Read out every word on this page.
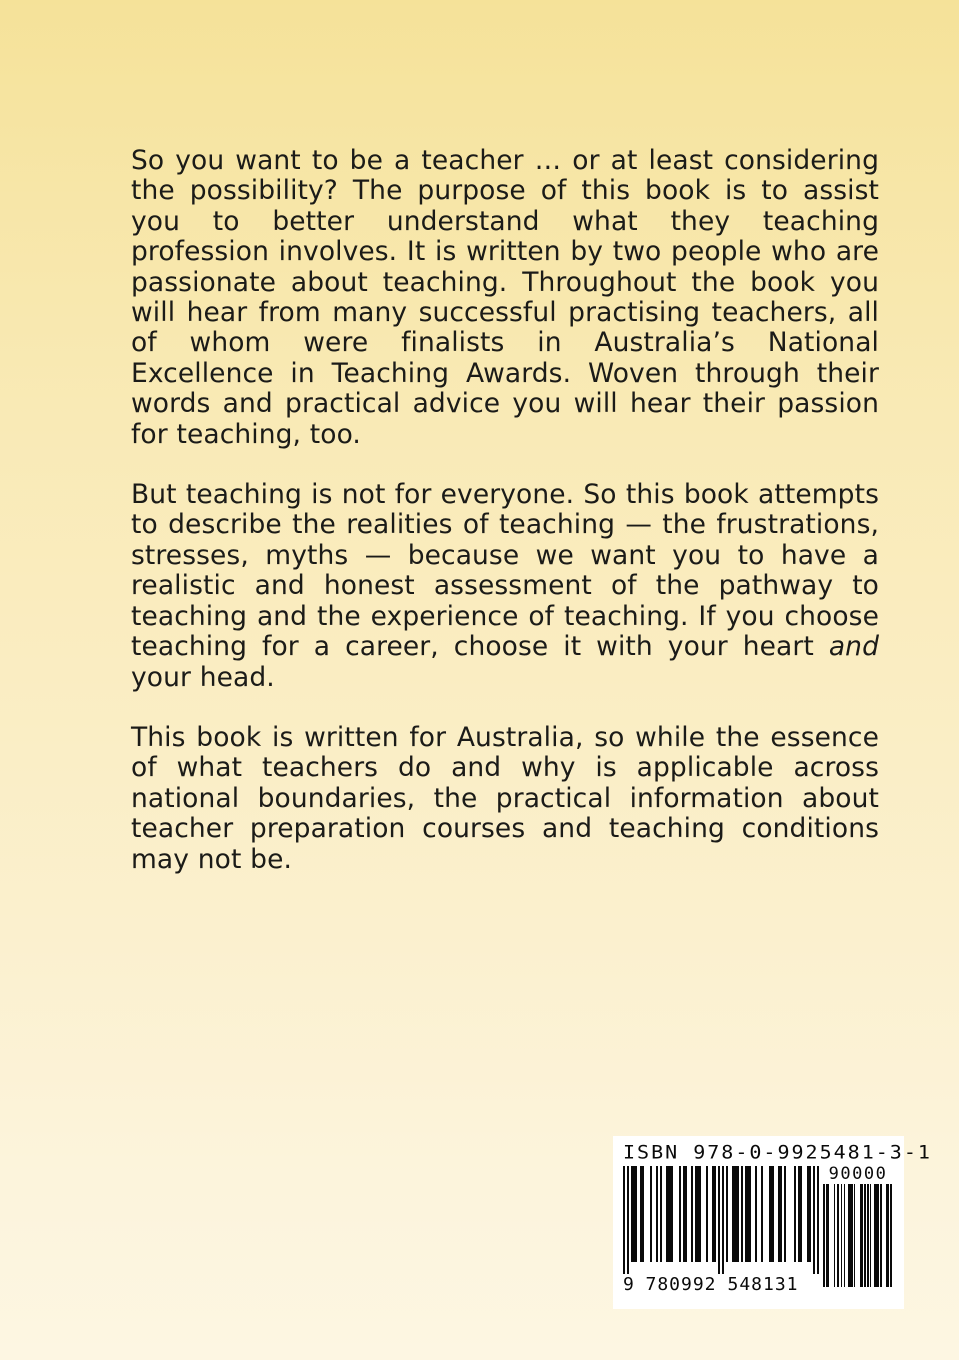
So you want to be a teacher … or at least considering the possibility? The purpose of this book is to assist you to better understand what they teaching profession involves. It is written by two people who are passionate about teaching. Throughout the book you will hear from many successful practising teachers, all of whom were finalists in Australia’s National Excellence in Teaching Awards. Woven through their words and practical advice you will hear their passion for teaching, too.

But teaching is not for everyone. So this book attempts to describe the realities of teaching — the frustrations, stresses, myths — because we want you to have a realistic and honest assessment of the pathway to teaching and the experience of teaching. If you choose teaching for a career, choose it with your heart and your head.

This book is written for Australia, so while the essence of what teachers do and why is applicable across national boundaries, the practical information about teacher preparation courses and teaching conditions may not be.

ISBN 978-0-9925481-3-1
9 780992 548131
90000
